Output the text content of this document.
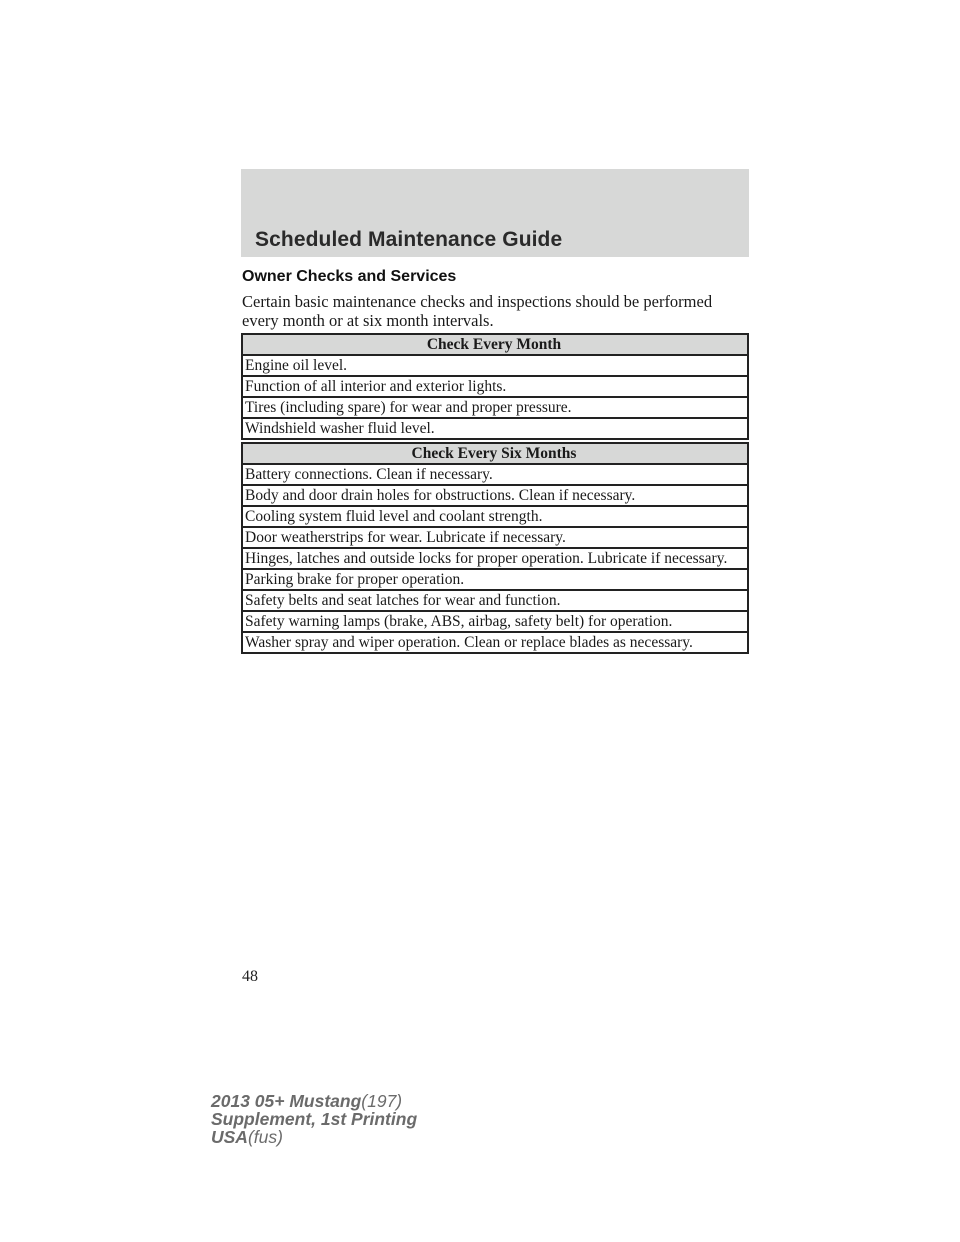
Scheduled Maintenance Guide
Owner Checks and Services
Certain basic maintenance checks and inspections should be performed every month or at six month intervals.
Check Every Month
Engine oil level.
Function of all interior and exterior lights.
Tires (including spare) for wear and proper pressure.
Windshield washer fluid level.
Check Every Six Months
Battery connections. Clean if necessary.
Body and door drain holes for obstructions. Clean if necessary.
Cooling system fluid level and coolant strength.
Door weatherstrips for wear. Lubricate if necessary.
Hinges, latches and outside locks for proper operation. Lubricate if necessary.
Parking brake for proper operation.
Safety belts and seat latches for wear and function.
Safety warning lamps (brake, ABS, airbag, safety belt) for operation.
Washer spray and wiper operation. Clean or replace blades as necessary.
48
2013 05+ Mustang(197)
Supplement, 1st Printing
USA(fus)
